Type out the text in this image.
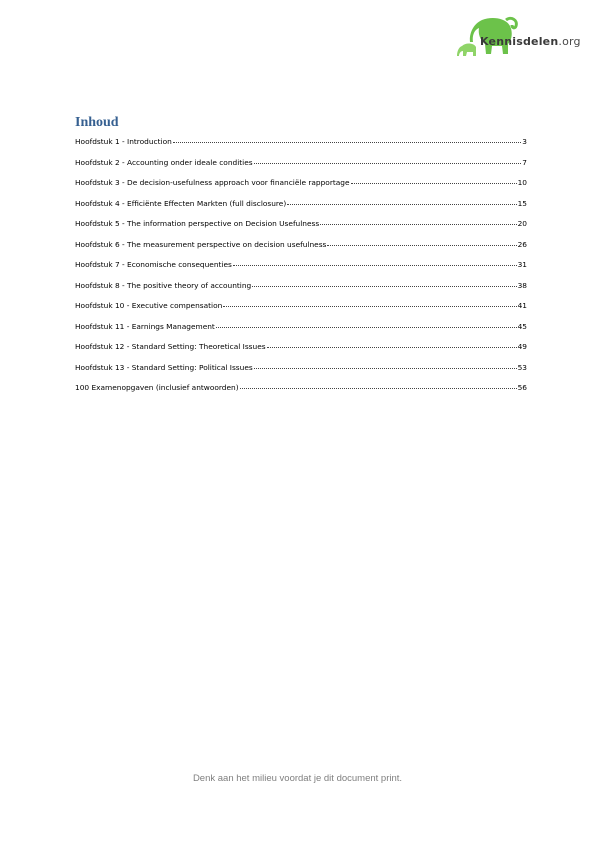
Kennisdelen.org
Inhoud
Hoofdstuk 1 - Introduction	3
Hoofdstuk 2 - Accounting onder ideale condities	7
Hoofdstuk 3 - De decision-usefulness approach voor financiële rapportage	10
Hoofdstuk 4 - Efficiënte Effecten Markten (full disclosure)	15
Hoofdstuk 5 - The information perspective on Decision Usefulness	20
Hoofdstuk 6 - The measurement perspective on decision usefulness	26
Hoofdstuk 7 - Economische consequenties	31
Hoofdstuk 8 - The positive theory of accounting	38
Hoofdstuk 10 - Executive compensation	41
Hoofdstuk 11 - Earnings Management	45
Hoofdstuk 12 - Standard Setting: Theoretical Issues	49
Hoofdstuk 13 - Standard Setting: Political Issues	53
100 Examenopgaven (inclusief antwoorden)	56
Denk aan het milieu voordat je dit document print.
